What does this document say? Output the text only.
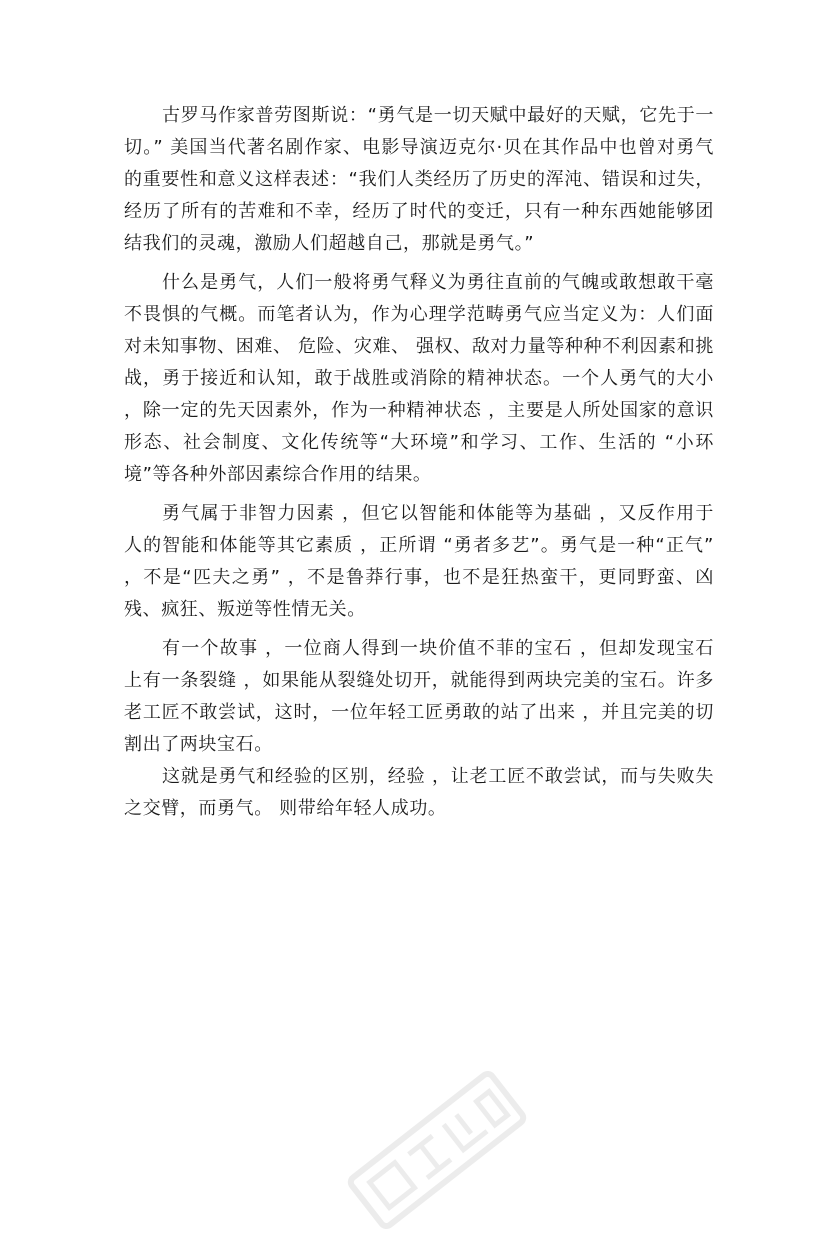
古罗马作家普劳图斯说：“勇气是一切天赋中最好的天赋，它先于一切。” 美国当代著名剧作家、电影导演迈克尔·贝在其作品中也曾对勇气的重要性和意义这样表述：“我们人类经历了历史的浑沌、错误和过失，经历了所有的苦难和不幸，经历了时代的变迁，只有一种东西她能够团结我们的灵魂，激励人们超越自己，那就是勇气。”

什么是勇气，人们一般将勇气释义为勇往直前的气魄或敢想敢干毫不畏惧的气概。而笔者认为，作为心理学范畴勇气应当定义为：人们面对未知事物、困难、 危险、灾难、 强权、敌对力量等种种不利因素和挑战，勇于接近和认知，敢于战胜或消除的精神状态。一个人勇气的大小 ，除一定的先天因素外，作为一种精神状态 ，主要是人所处国家的意识形态、社会制度、文化传统等“大环境”和学习、工作、生活的 “小环境”等各种外部因素综合作用的结果。

勇气属于非智力因素 ，但它以智能和体能等为基础 ，又反作用于人的智能和体能等其它素质 ，正所谓 “勇者多艺”。勇气是一种“正气” ，不是“匹夫之勇” ，不是鲁莽行事，也不是狂热蛮干，更同野蛮、凶残、疯狂、叛逆等性情无关。

有一个故事 ，一位商人得到一块价值不菲的宝石 ，但却发现宝石上有一条裂缝 ，如果能从裂缝处切开，就能得到两块完美的宝石。许多老工匠不敢尝试，这时，一位年轻工匠勇敢的站了出来 ，并且完美的切割出了两块宝石。

这就是勇气和经验的区别，经验 ，让老工匠不敢尝试，而与失败失之交臂，而勇气。 则带给年轻人成功。
